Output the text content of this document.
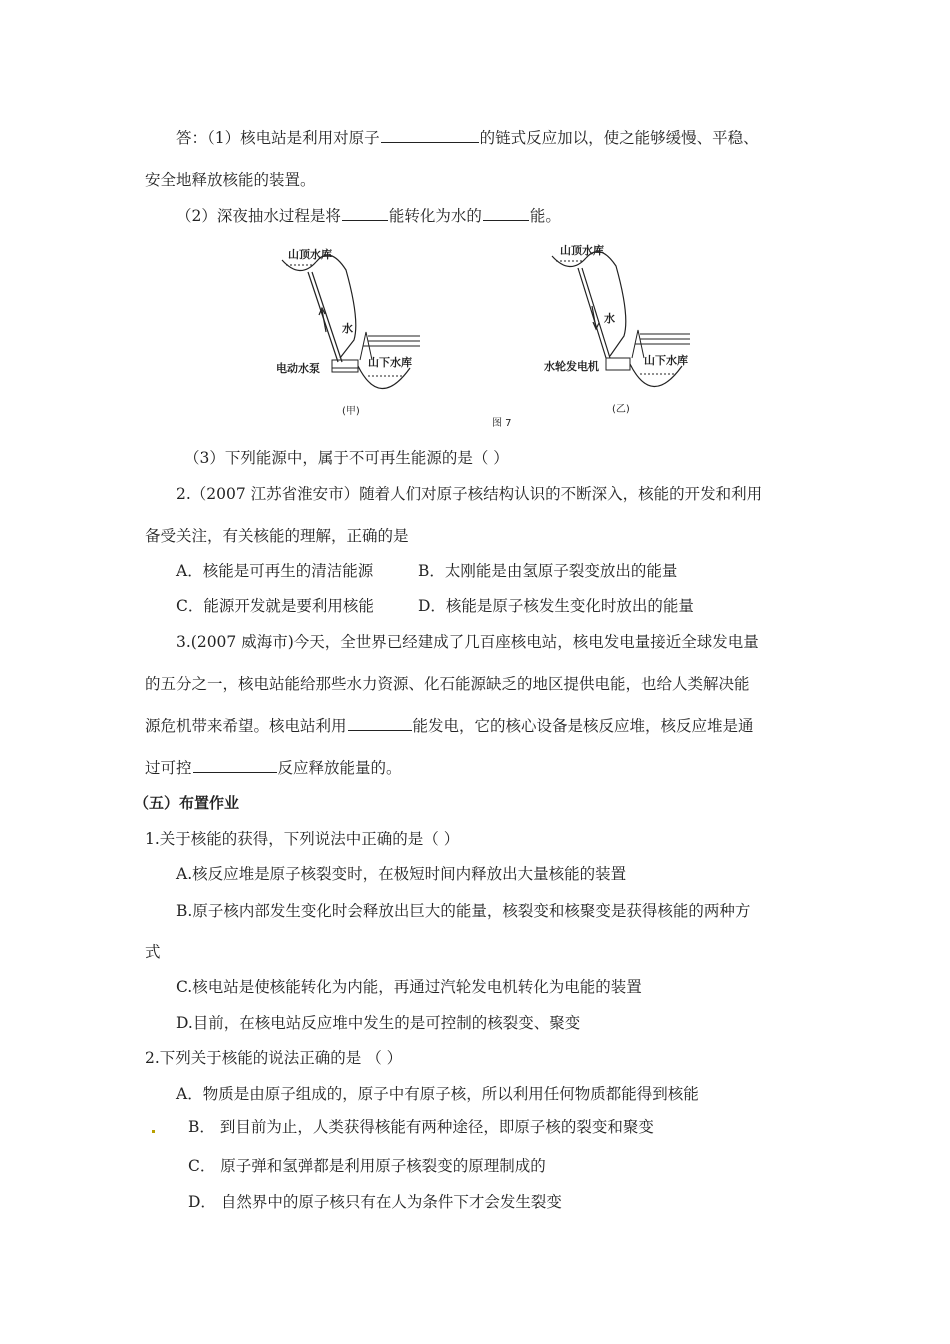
答：（1）核电站是利用对原子	的链式反应加以，使之能够缓慢、平稳、
安全地释放核能的装置。
（2）深夜抽水过程是将	能转化为水的	能。
山顶水库
水
电动水泵	山下水库
(甲)
山顶水库
水
水轮发电机	山下水库
(乙)
图 7
（3）下列能源中，属于不可再生能源的是（ ）
2.（2007 江苏省淮安市）随着人们对原子核结构认识的不断深入，核能的开发和利用
备受关注，有关核能的理解，正确的是
A．核能是可再生的清洁能源	B．太刚能是由氢原子裂变放出的能量
C．能源开发就是要利用核能	D．核能是原子核发生变化时放出的能量
3.(2007 威海市)今天，全世界已经建成了几百座核电站，核电发电量接近全球发电量
的五分之一，核电站能给那些水力资源、化石能源缺乏的地区提供电能，也给人类解决能
源危机带来希望。核电站利用	能发电，它的核心设备是核反应堆，核反应堆是通
过可控	反应释放能量的。
（五）布置作业
1.关于核能的获得，下列说法中正确的是（ ）
A.核反应堆是原子核裂变时，在极短时间内释放出大量核能的装置
B.原子核内部发生变化时会释放出巨大的能量，核裂变和核聚变是获得核能的两种方
式
C.核电站是使核能转化为内能，再通过汽轮发电机转化为电能的装置
D.目前，在核电站反应堆中发生的是可控制的核裂变、聚变
2.下列关于核能的说法正确的是 （ ）
A．物质是由原子组成的，原子中有原子核，所以利用任何物质都能得到核能
B． 到目前为止，人类获得核能有两种途径，即原子核的裂变和聚变
C． 原子弹和氢弹都是利用原子核裂变的原理制成的
D． 自然界中的原子核只有在人为条件下才会发生裂变
